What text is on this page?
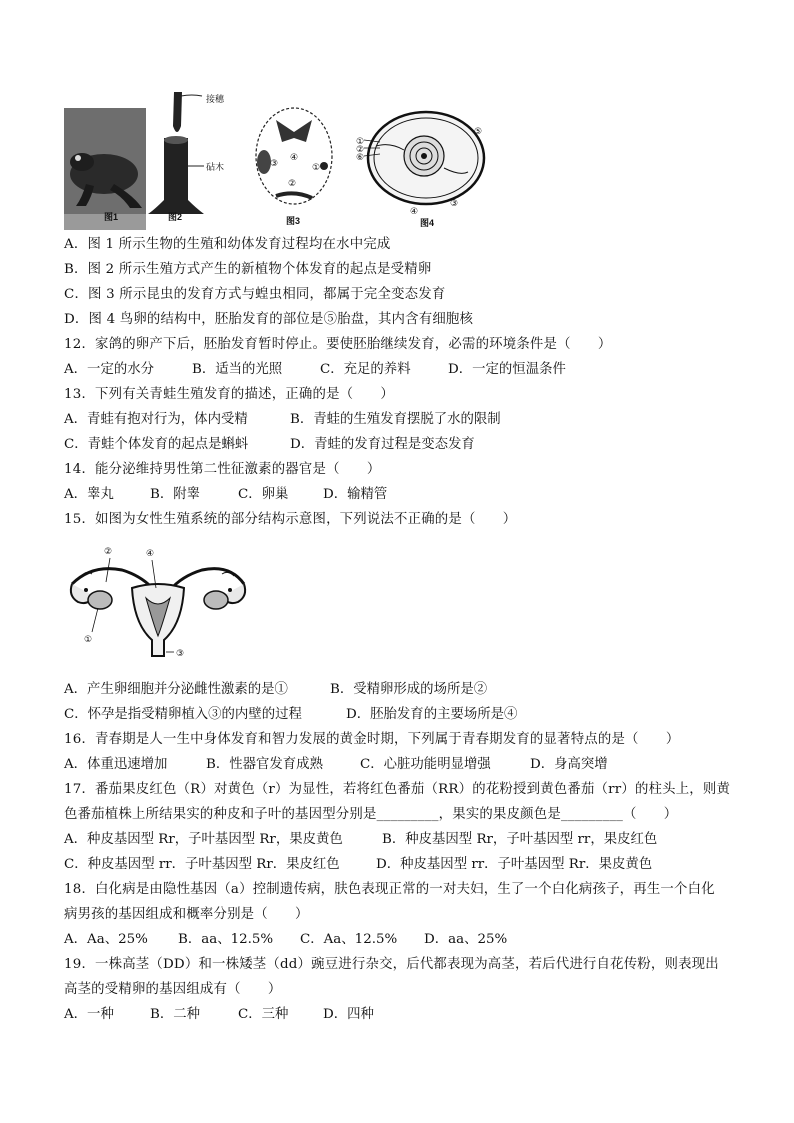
图1
接穗
砧木
图2
④
①
②
③
图3
①
②
⑥
⑤
④
③
图4
A．图 1 所示生物的生殖和幼体发育过程均在水中完成
B．图 2 所示生殖方式产生的新植物个体发育的起点是受精卵
C．图 3 所示昆虫的发育方式与蝗虫相同，都属于完全变态发育
D．图 4 鸟卵的结构中，胚胎发育的部位是⑤胎盘，其内含有细胞核
12．家鸽的卵产下后，胚胎发育暂时停止。要使胚胎继续发育，必需的环境条件是（　　）
A．一定的水分	B．适当的光照	C．充足的养料	D．一定的恒温条件
13．下列有关青蛙生殖发育的描述，正确的是（　　）
A．青蛙有抱对行为，体内受精	B．青蛙的生殖发育摆脱了水的限制
C．青蛙个体发育的起点是蝌蚪	D．青蛙的发育过程是变态发育
14．能分泌维持男性第二性征激素的器官是（　　）
A．睾丸	B．附睾	C．卵巢	D．输精管
15．如图为女性生殖系统的部分结构示意图，下列说法不正确的是（　　）
②	④
①
③
A．产生卵细胞并分泌雌性激素的是①	B．受精卵形成的场所是②
C．怀孕是指受精卵植入③的内壁的过程	D．胚胎发育的主要场所是④
16．青春期是人一生中身体发育和智力发展的黄金时期，下列属于青春期发育的显著特点的是（　　）
A．体重迅速增加	B．性器官发育成熟	C．心脏功能明显增强	D．身高突增
17．番茄果皮红色（R）对黄色（r）为显性，若将红色番茄（RR）的花粉授到黄色番茄（rr）的柱头上，则黄
色番茄植株上所结果实的种皮和子叶的基因型分别是_________，果实的果皮颜色是_________（　　）
A．种皮基因型 Rr，子叶基因型 Rr，果皮黄色	B．种皮基因型 Rr，子叶基因型 rr，果皮红色
C．种皮基因型 rr．子叶基因型 Rr．果皮红色	D．种皮基因型 rr．子叶基因型 Rr．果皮黄色
18．白化病是由隐性基因（a）控制遗传病，肤色表现正常的一对夫妇，生了一个白化病孩子，再生一个白化
病男孩的基因组成和概率分别是（　　）
A．Aa、25% B．aa、12.5% C．Aa、12.5% D．aa、25%
19．一株高茎（DD）和一株矮茎（dd）豌豆进行杂交，后代都表现为高茎，若后代进行自花传粉，则表现出
高茎的受精卵的基因组成有（　　）
A．一种	B．二种	C．三种	D．四种
